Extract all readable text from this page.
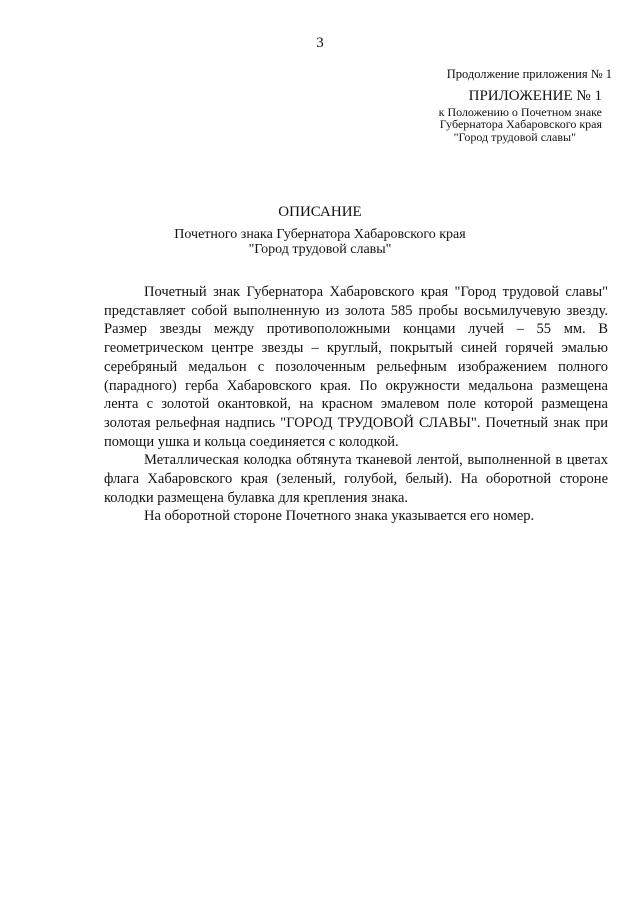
3
Продолжение приложения № 1
ПРИЛОЖЕНИЕ № 1
к Положению о Почетном знаке
Губернатора Хабаровского края
"Город трудовой славы"
ОПИСАНИЕ
Почетного знака Губернатора Хабаровского края
"Город трудовой славы"

Почетный знак Губернатора Хабаровского края "Город трудовой славы" представляет собой выполненную из золота 585 пробы восьмилучевую звезду. Размер звезды между противоположными концами лучей – 55 мм. В геометрическом центре звезды – круглый, покрытый синей горячей эмалью серебряный медальон с позолоченным рельефным изображением полного (парадного) герба Хабаровского края. По окружности медальона размещена лента с золотой окантовкой, на красном эмалевом поле которой размещена золотая рельефная надпись "ГОРОД ТРУДОВОЙ СЛАВЫ". Почетный знак при помощи ушка и кольца соединяется с колодкой.

Металлическая колодка обтянута тканевой лентой, выполненной в цветах флага Хабаровского края (зеленый, голубой, белый). На оборотной стороне колодки размещена булавка для крепления знака.

На оборотной стороне Почетного знака указывается его номер.
